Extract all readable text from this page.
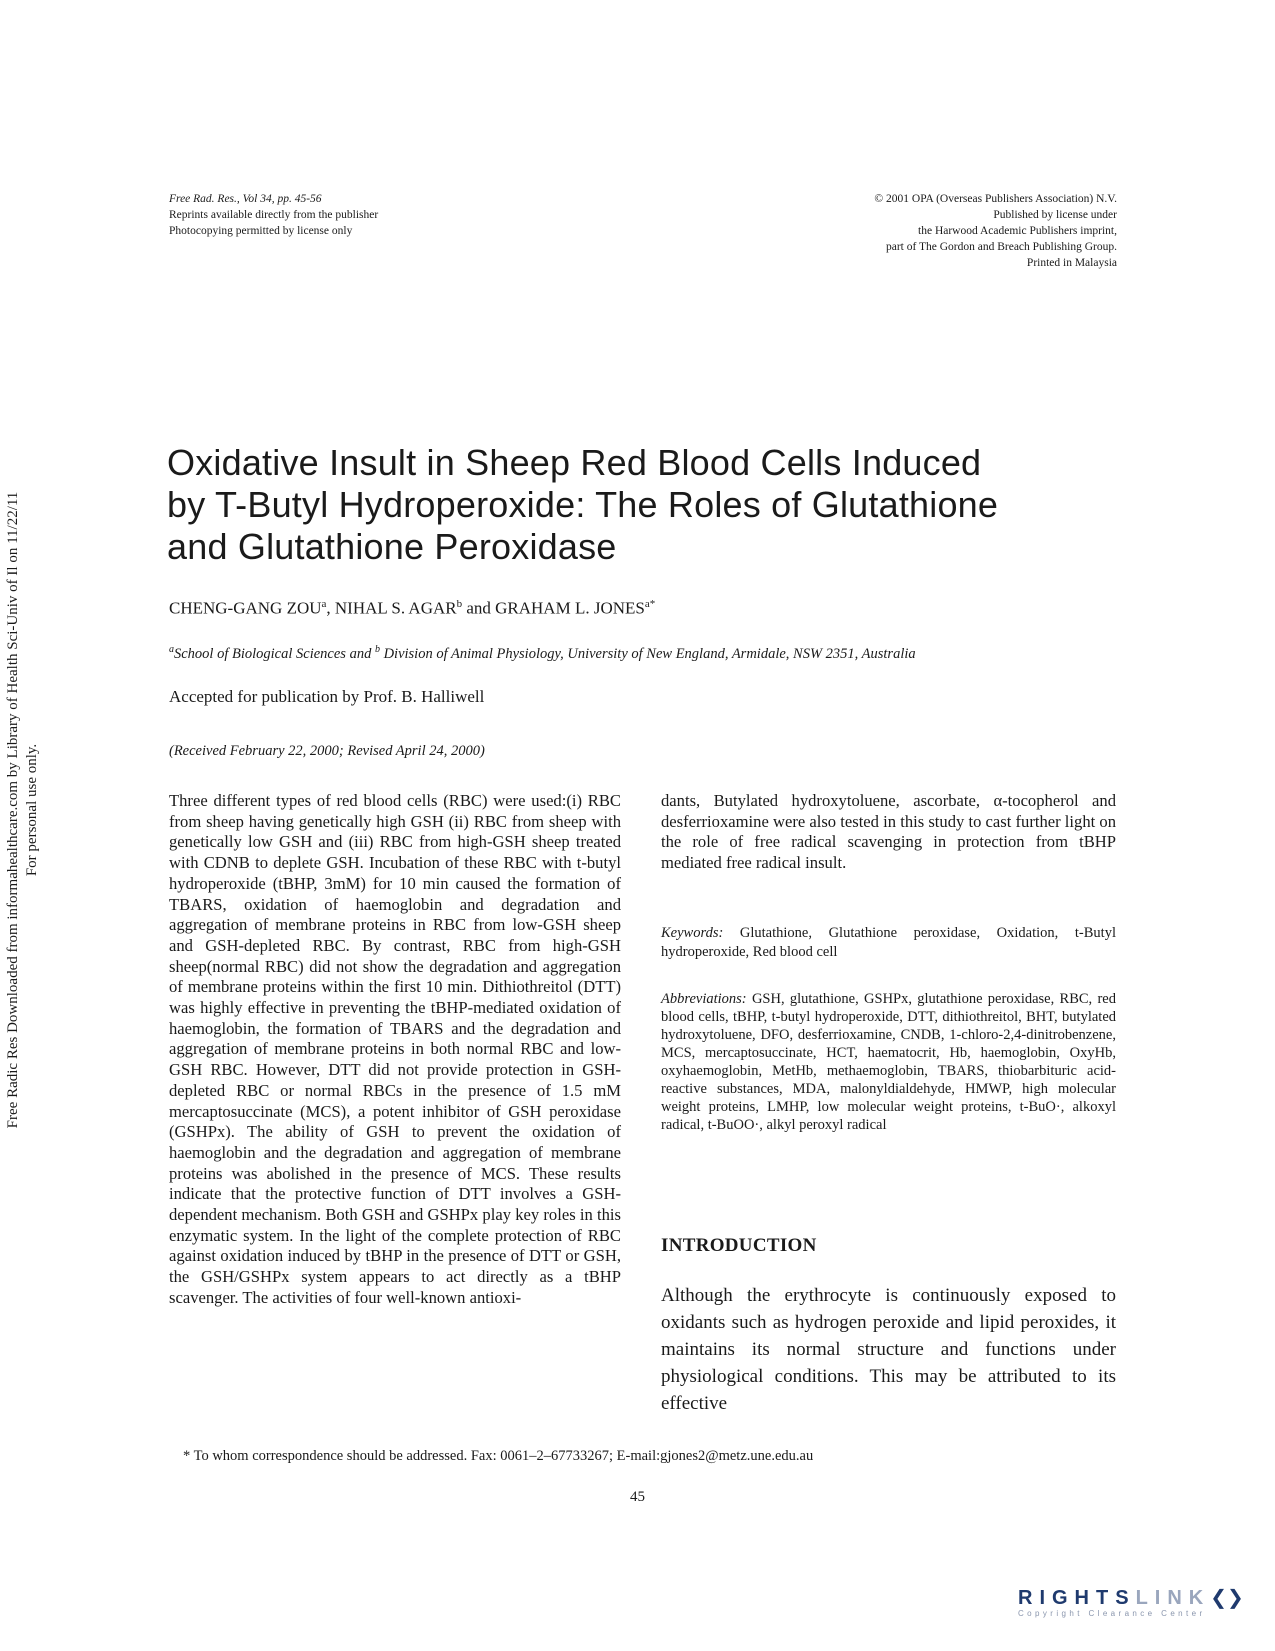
Free Rad. Res., Vol 34, pp. 45-56
Reprints available directly from the publisher
Photocopying permitted by license only
© 2001 OPA (Overseas Publishers Association) N.V.
Published by license under
the Harwood Academic Publishers imprint,
part of The Gordon and Breach Publishing Group.
Printed in Malaysia
Free Radic Res Downloaded from informahealthcare.com by Library of Health Sci-Univ of Il on 11/22/11 For personal use only.
Oxidative Insult in Sheep Red Blood Cells Induced
by T-Butyl Hydroperoxide: The Roles of Glutathione
and Glutathione Peroxidase
CHENG-GANG ZOU$^a$, NIHAL S. AGAR$^b$ and GRAHAM L. $JONES^{a*}$
$^a$School of Biological Sciences and $^b$ Division of Animal Physiology, University of New England, Armidale, NSW 2351, Australia
Accepted for publication by Prof. B. Halliwell
(Received February 22, 2000; Revised April 24, 2000)

Three different types of red blood cells (RBC) were used:(i) RBC from sheep having genetically high GSH (ii) RBC from sheep with genetically low GSH and (iii) RBC from high-GSH sheep treated with CDNB to deplete GSH. Incubation of these RBC with t-butyl hydroperoxide (tBHP, 3mM) for 10 min caused the formation of TBARS, oxidation of haemoglobin and degradation and aggregation of membrane proteins in RBC from low-GSH sheep and GSH-depleted RBC. By contrast, RBC from high-GSH sheep(normal RBC) did not show the degradation and aggregation of membrane proteins within the first 10 min. Dithiothreitol (DTT) was highly effective in preventing the tBHP-mediated oxidation of haemoglobin, the formation of TBARS and the degradation and aggregation of membrane proteins in both normal RBC and low-GSH RBC. However, DTT did not provide protection in GSH-depleted RBC or normal RBCs in the presence of 1.5 mM mercaptosuccinate (MCS), a potent inhibitor of GSH peroxidase (GSHPx). The ability of GSH to prevent the oxidation of haemoglobin and the degradation and aggregation of membrane proteins was abolished in the presence of MCS. These results indicate that the protective function of DTT involves a GSH-dependent mechanism. Both GSH and GSHPx play key roles in this enzymatic system. In the light of the complete protection of RBC against oxidation induced by tBHP in the presence of DTT or GSH, the GSH/GSHPx system appears to act directly as a tBHP scavenger. The activities of four well-known antioxi-

dants, Butylated hydroxytoluene, ascorbate, α-tocopherol and desferrioxamine were also tested in this study to cast further light on the role of free radical scavenging in protection from tBHP mediated free radical insult.

Keywords: Glutathione, Glutathione peroxidase, Oxidation, t-Butyl hydroperoxide, Red blood cell

Abbreviations: GSH, glutathione, GSHPx, glutathione peroxidase, RBC, red blood cells, tBHP, t-butyl hydroperoxide, DTT, dithiothreitol, BHT, butylated hydroxytoluene, DFO, desferrioxamine, CNDB, 1-chloro-2,4-dinitrobenzene, MCS, mercaptosuccinate, HCT, haematocrit, Hb, haemoglobin, OxyHb, oxyhaemoglobin, MetHb, methaemoglobin, TBARS, thiobarbituric acid-reactive substances, MDA, malonyldialdehyde, HMWP, high molecular weight proteins, LMHP, low molecular weight proteins, t-BuO·, alkoxyl radical, t-BuOO·, alkyl peroxyl radical

INTRODUCTION

Although the erythrocyte is continuously exposed to oxidants such as hydrogen peroxide and lipid peroxides, it maintains its normal structure and functions under physiological conditions. This may be attributed to its effective

* To whom correspondence should be addressed. Fax: 0061–2–67733267; E-mail:gjones2@metz.une.edu.au
45
RIGHTSLINK❮❯
Copyright Clearance Center
